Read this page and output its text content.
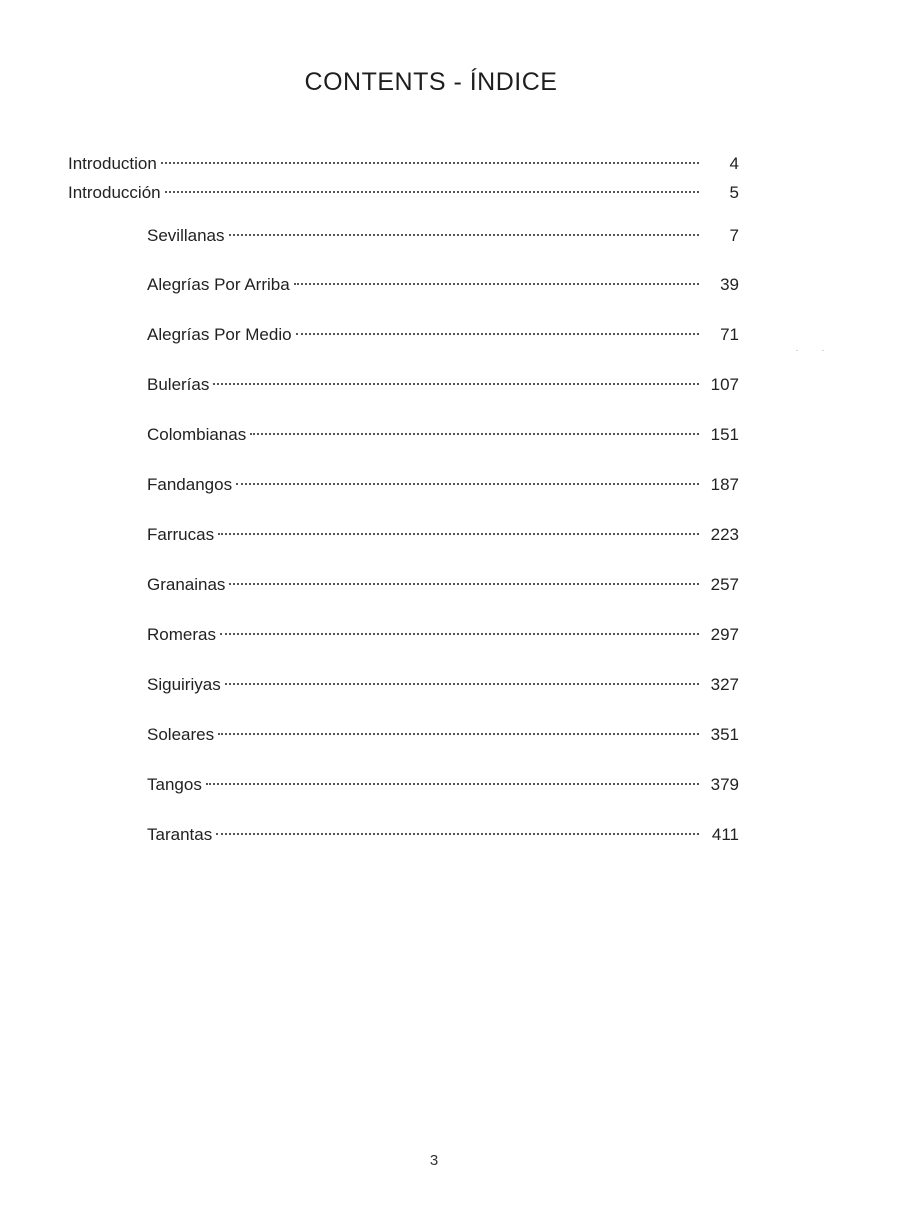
CONTENTS - ÍNDICE
Introduction	4
Introducción	5
Sevillanas	7
Alegrías Por Arriba	39
Alegrías Por Medio	71
Bulerías	107
Colombianas	151
Fandangos	187
Farrucas	223
Granainas	257
Romeras	297
Siguiriyas	327
Soleares	351
Tangos	379
Tarantas	411
3
